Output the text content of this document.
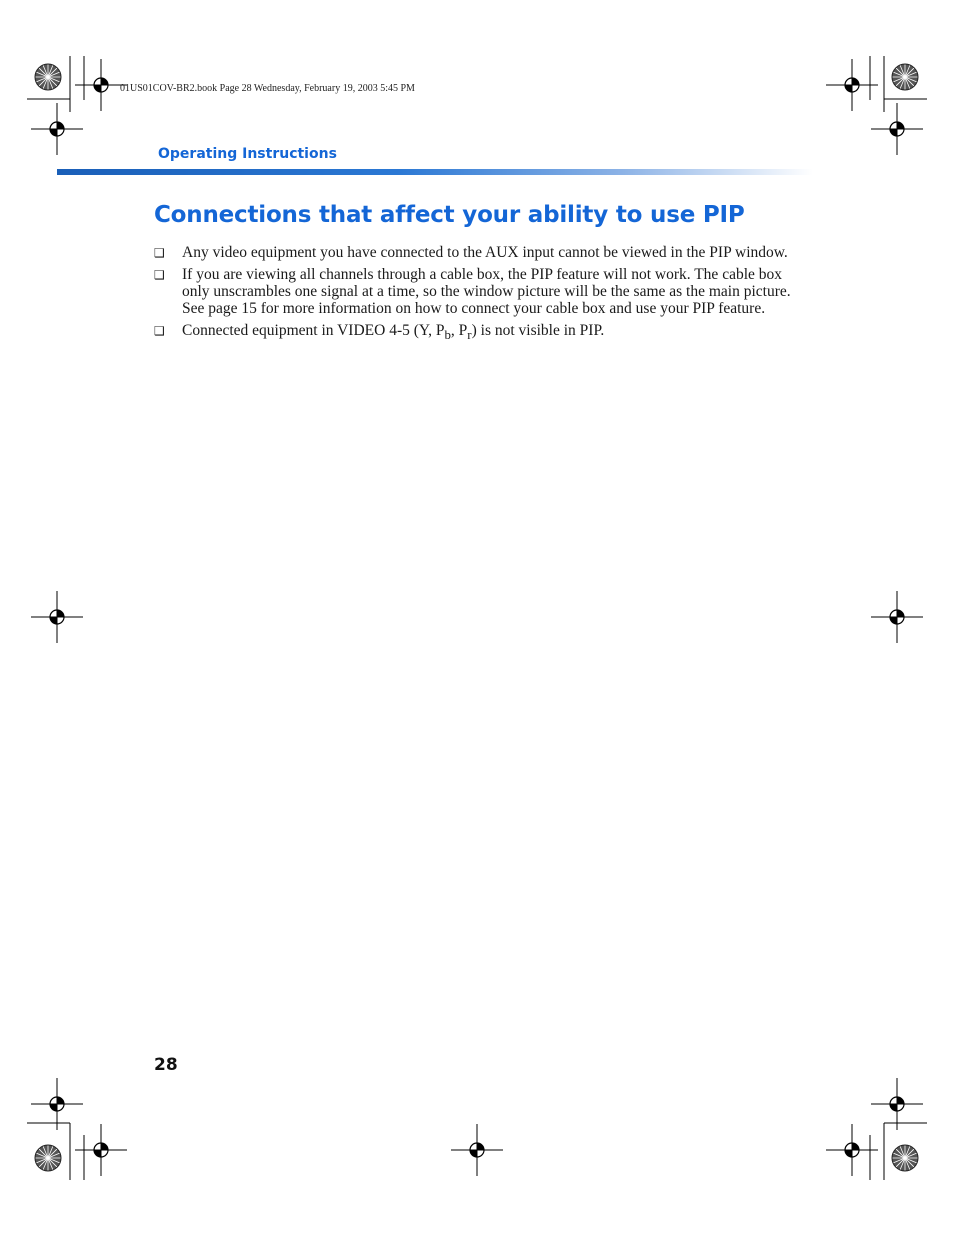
01US01COV-BR2.book Page 28 Wednesday, February 19, 2003 5:45 PM
Operating Instructions
Connections that affect your ability to use PIP
❑ Any video equipment you have connected to the AUX input cannot be viewed in the PIP window.
❑ If you are viewing all channels through a cable box, the PIP feature will not work. The cable box only unscrambles one signal at a time, so the window picture will be the same as the main picture. See page 15 for more information on how to connect your cable box and use your PIP feature.
❑ Connected equipment in VIDEO 4-5 (Y, $P_b$, $P_r$) is not visible in PIP.
28
